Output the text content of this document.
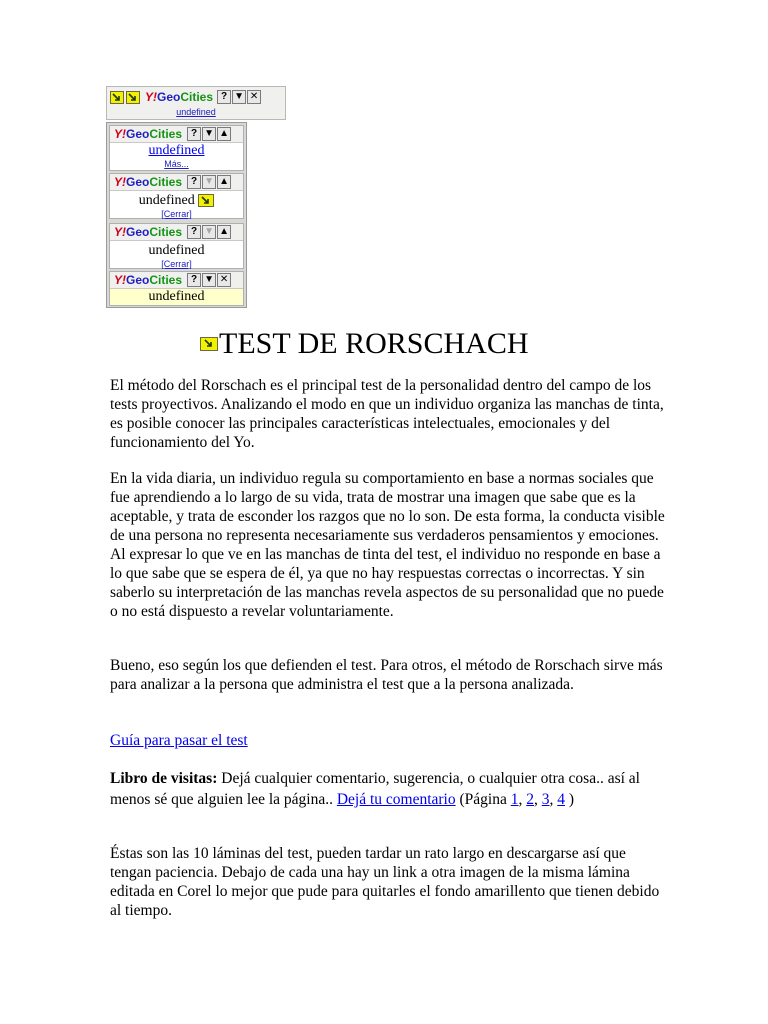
Y!GeoCities ? ▼ ✕
undefined
Y!GeoCities ? ▼ ▲
undefined
Más...
Y!GeoCities ? ▼ ▲
undefined
[Cerrar]
Y!GeoCities ? ▼ ▲
undefined
[Cerrar]
Y!GeoCities ? ▼ ✕
undefined
TEST DE RORSCHACH
El método del Rorschach es el principal test de la personalidad dentro del campo de los tests proyectivos. Analizando el modo en que un individuo organiza las manchas de tinta, es posible conocer las principales características intelectuales, emocionales y del funcionamiento del Yo.
En la vida diaria, un individuo regula su comportamiento en base a normas sociales que fue aprendiendo a lo largo de su vida, trata de mostrar una imagen que sabe que es la aceptable, y trata de esconder los razgos que no lo son. De esta forma, la conducta visible de una persona no representa necesariamente sus verdaderos pensamientos y emociones. Al expresar lo que ve en las manchas de tinta del test, el individuo no responde en base a lo que sabe que se espera de él, ya que no hay respuestas correctas o incorrectas. Y sin saberlo su interpretación de las manchas revela aspectos de su personalidad que no puede o no está dispuesto a revelar voluntariamente.
Bueno, eso según los que defienden el test. Para otros, el método de Rorschach sirve más para analizar a la persona que administra el test que a la persona analizada.
Guía para pasar el test
Libro de visitas: Dejá cualquier comentario, sugerencia, o cualquier otra cosa.. así al menos sé que alguien lee la página.. Dejá tu comentario (Página 1, 2, 3, 4 )
Éstas son las 10 láminas del test, pueden tardar un rato largo en descargarse así que tengan paciencia. Debajo de cada una hay un link a otra imagen de la misma lámina editada en Corel lo mejor que pude para quitarles el fondo amarillento que tienen debido al tiempo.
